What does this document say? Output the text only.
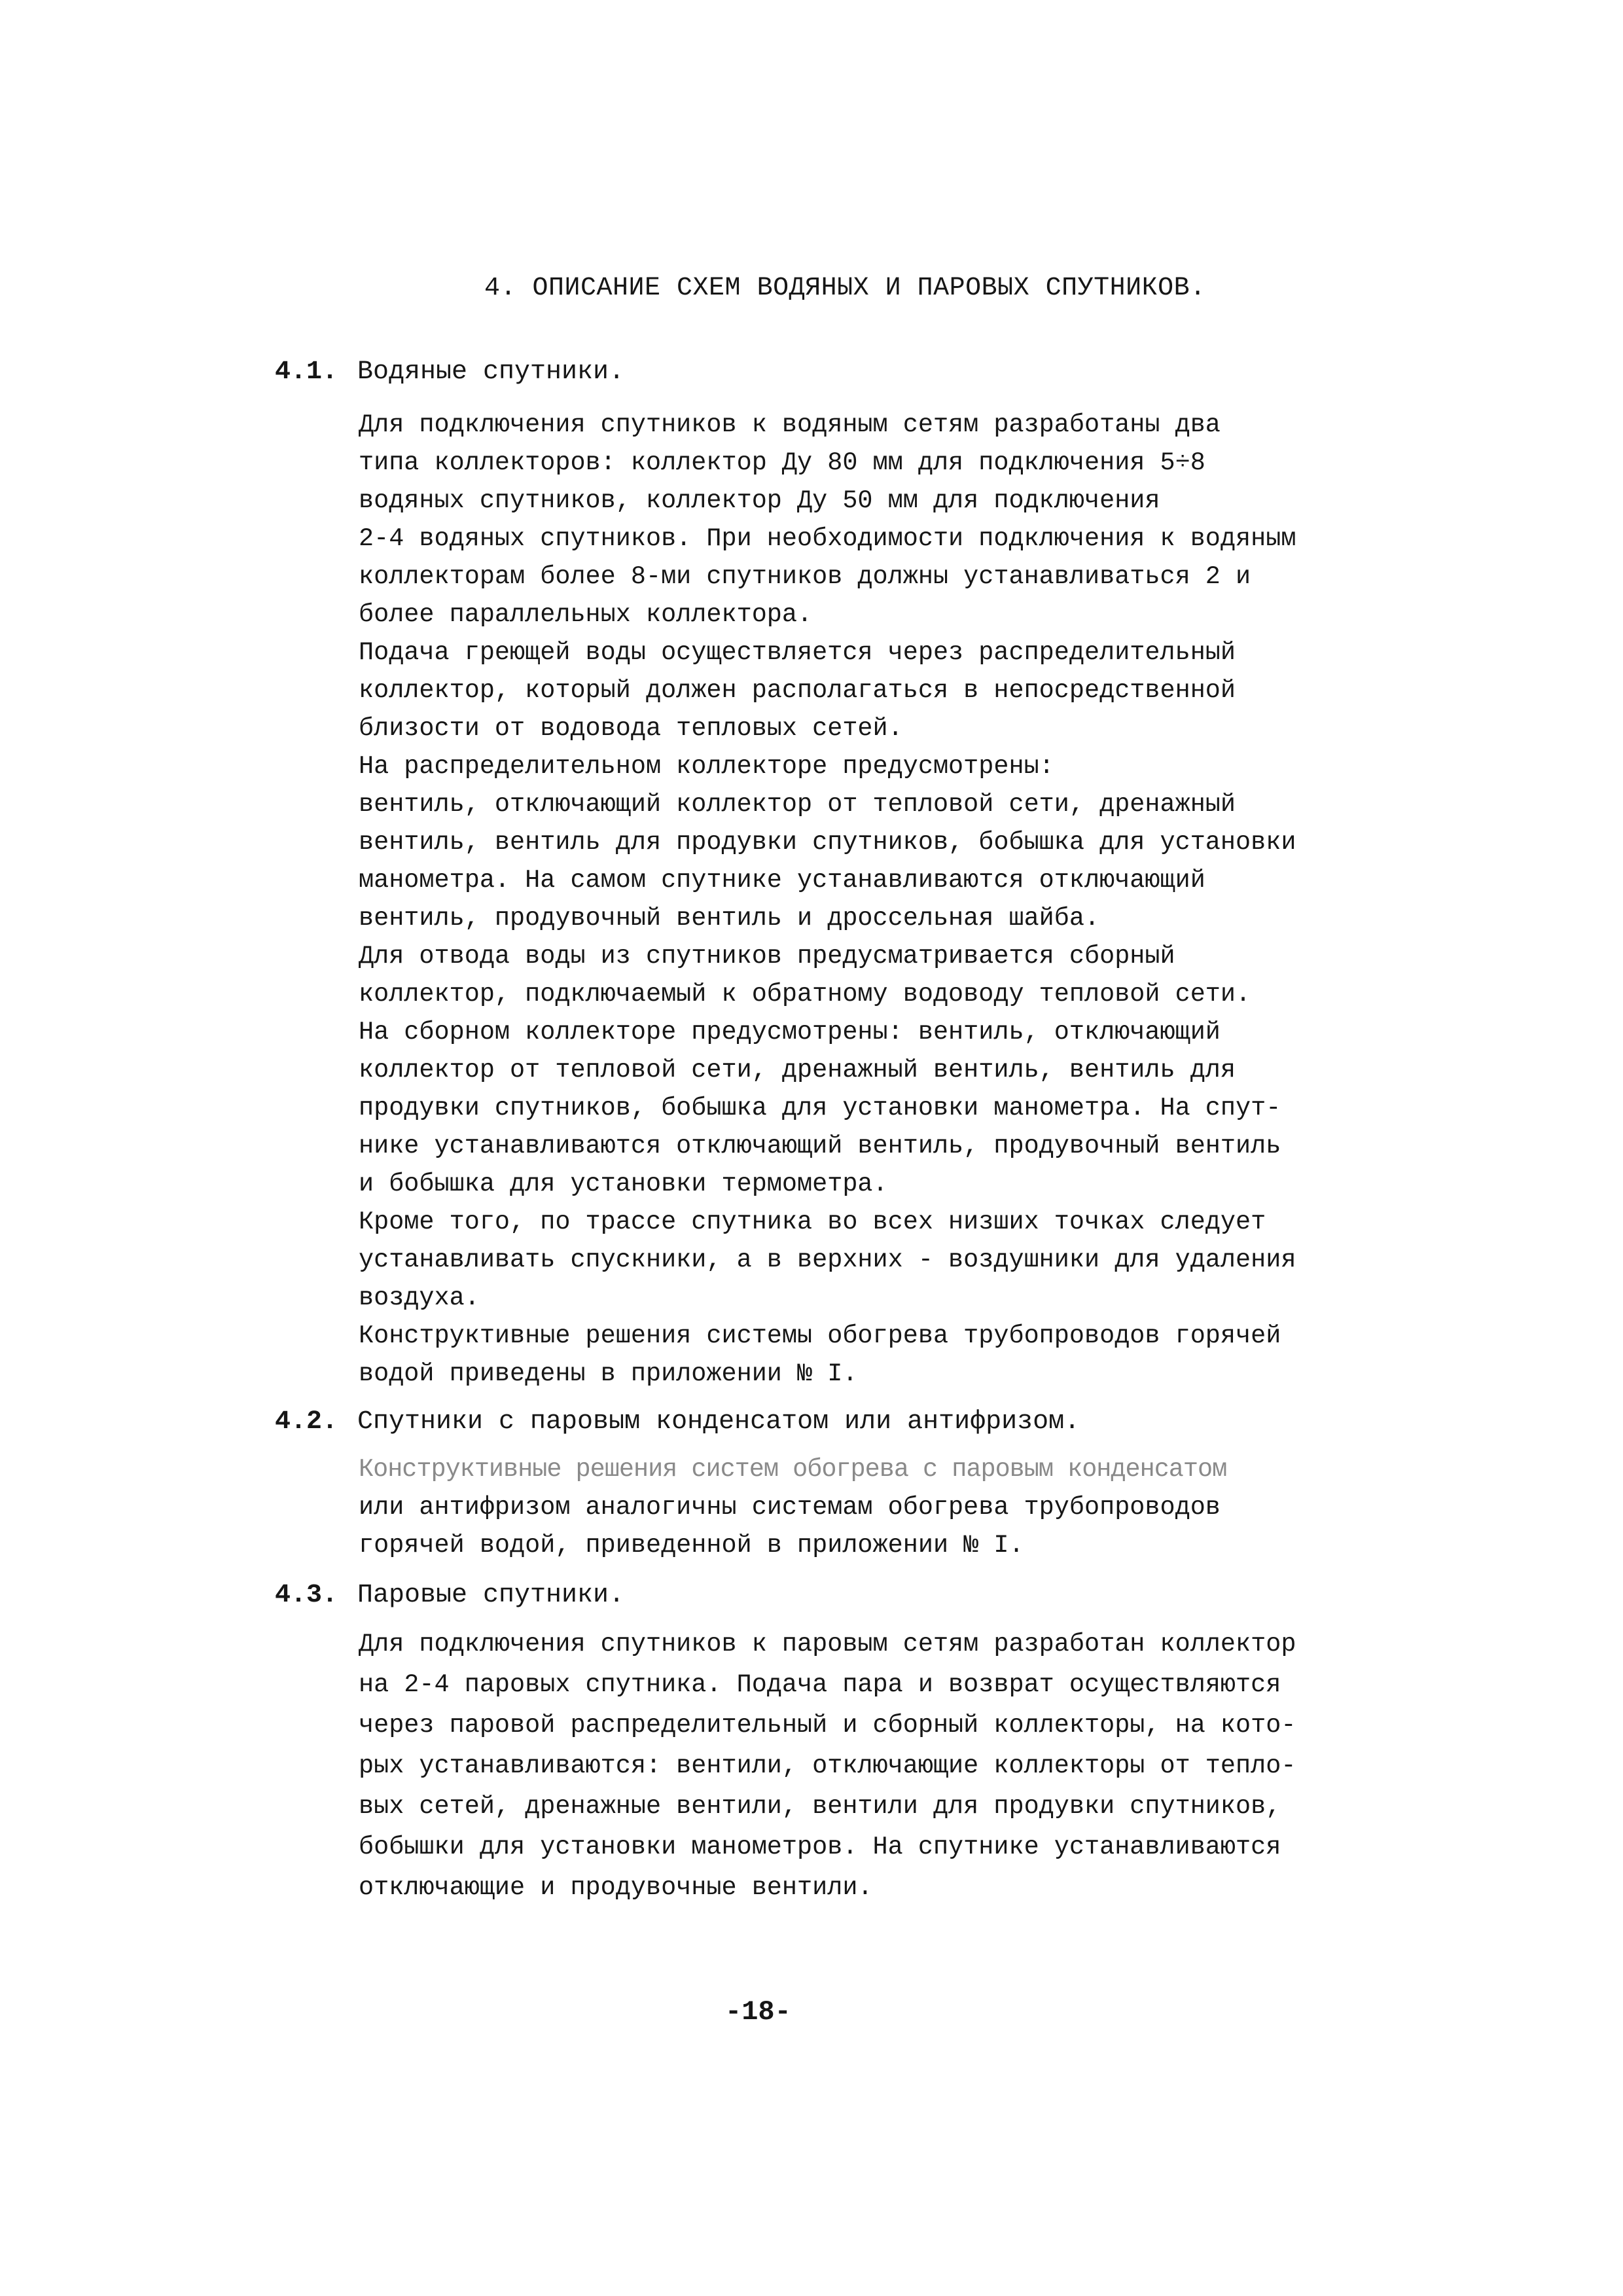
4. ОПИСАНИЕ СХЕМ ВОДЯНЫХ И ПАРОВЫХ СПУТНИКОВ.
4.1. Водяные спутники.
Для подключения спутников к водяным сетям разработаны два
типа коллекторов: коллектор Ду 80 мм для подключения 5÷8
водяных спутников, коллектор Ду 50 мм для подключения
2-4 водяных спутников. При необходимости подключения к водяным
коллекторам более 8-ми спутников должны устанавливаться 2 и
более параллельных коллектора.
Подача греющей воды осуществляется через распределительный
коллектор, который должен располагаться в непосредственной
близости от водовода тепловых сетей.
На распределительном коллекторе предусмотрены:
вентиль, отключающий коллектор от тепловой сети, дренажный
вентиль, вентиль для продувки спутников, бобышка для установки
манометра. На самом спутнике устанавливаются отключающий
вентиль, продувочный вентиль и дроссельная шайба.
Для отвода воды из спутников предусматривается сборный
коллектор, подключаемый к обратному водоводу тепловой сети.
На сборном коллекторе предусмотрены: вентиль, отключающий
коллектор от тепловой сети, дренажный вентиль, вентиль для
продувки спутников, бобышка для установки манометра. На спут-
нике устанавливаются отключающий вентиль, продувочный вентиль
и бобышка для установки термометра.
Кроме того, по трассе спутника во всех низших точках следует
устанавливать спускники, а в верхних - воздушники для удаления
воздуха.
Конструктивные решения системы обогрева трубопроводов горячей
водой приведены в приложении № I.
4.2. Спутники с паровым конденсатом или антифризом.
Конструктивные решения систем обогрева с паровым конденсатом
или антифризом аналогичны системам обогрева трубопроводов
горячей водой, приведенной в приложении № I.
4.3. Паровые спутники.
Для подключения спутников к паровым сетям разработан коллектор
на 2-4 паровых спутника. Подача пара и возврат осуществляются
через паровой распределительный и сборный коллекторы, на кото-
рых устанавливаются: вентили, отключающие коллекторы от тепло-
вых сетей, дренажные вентили, вентили для продувки спутников,
бобышки для установки манометров. На спутнике устанавливаются
отключающие и продувочные вентили.
-18-
